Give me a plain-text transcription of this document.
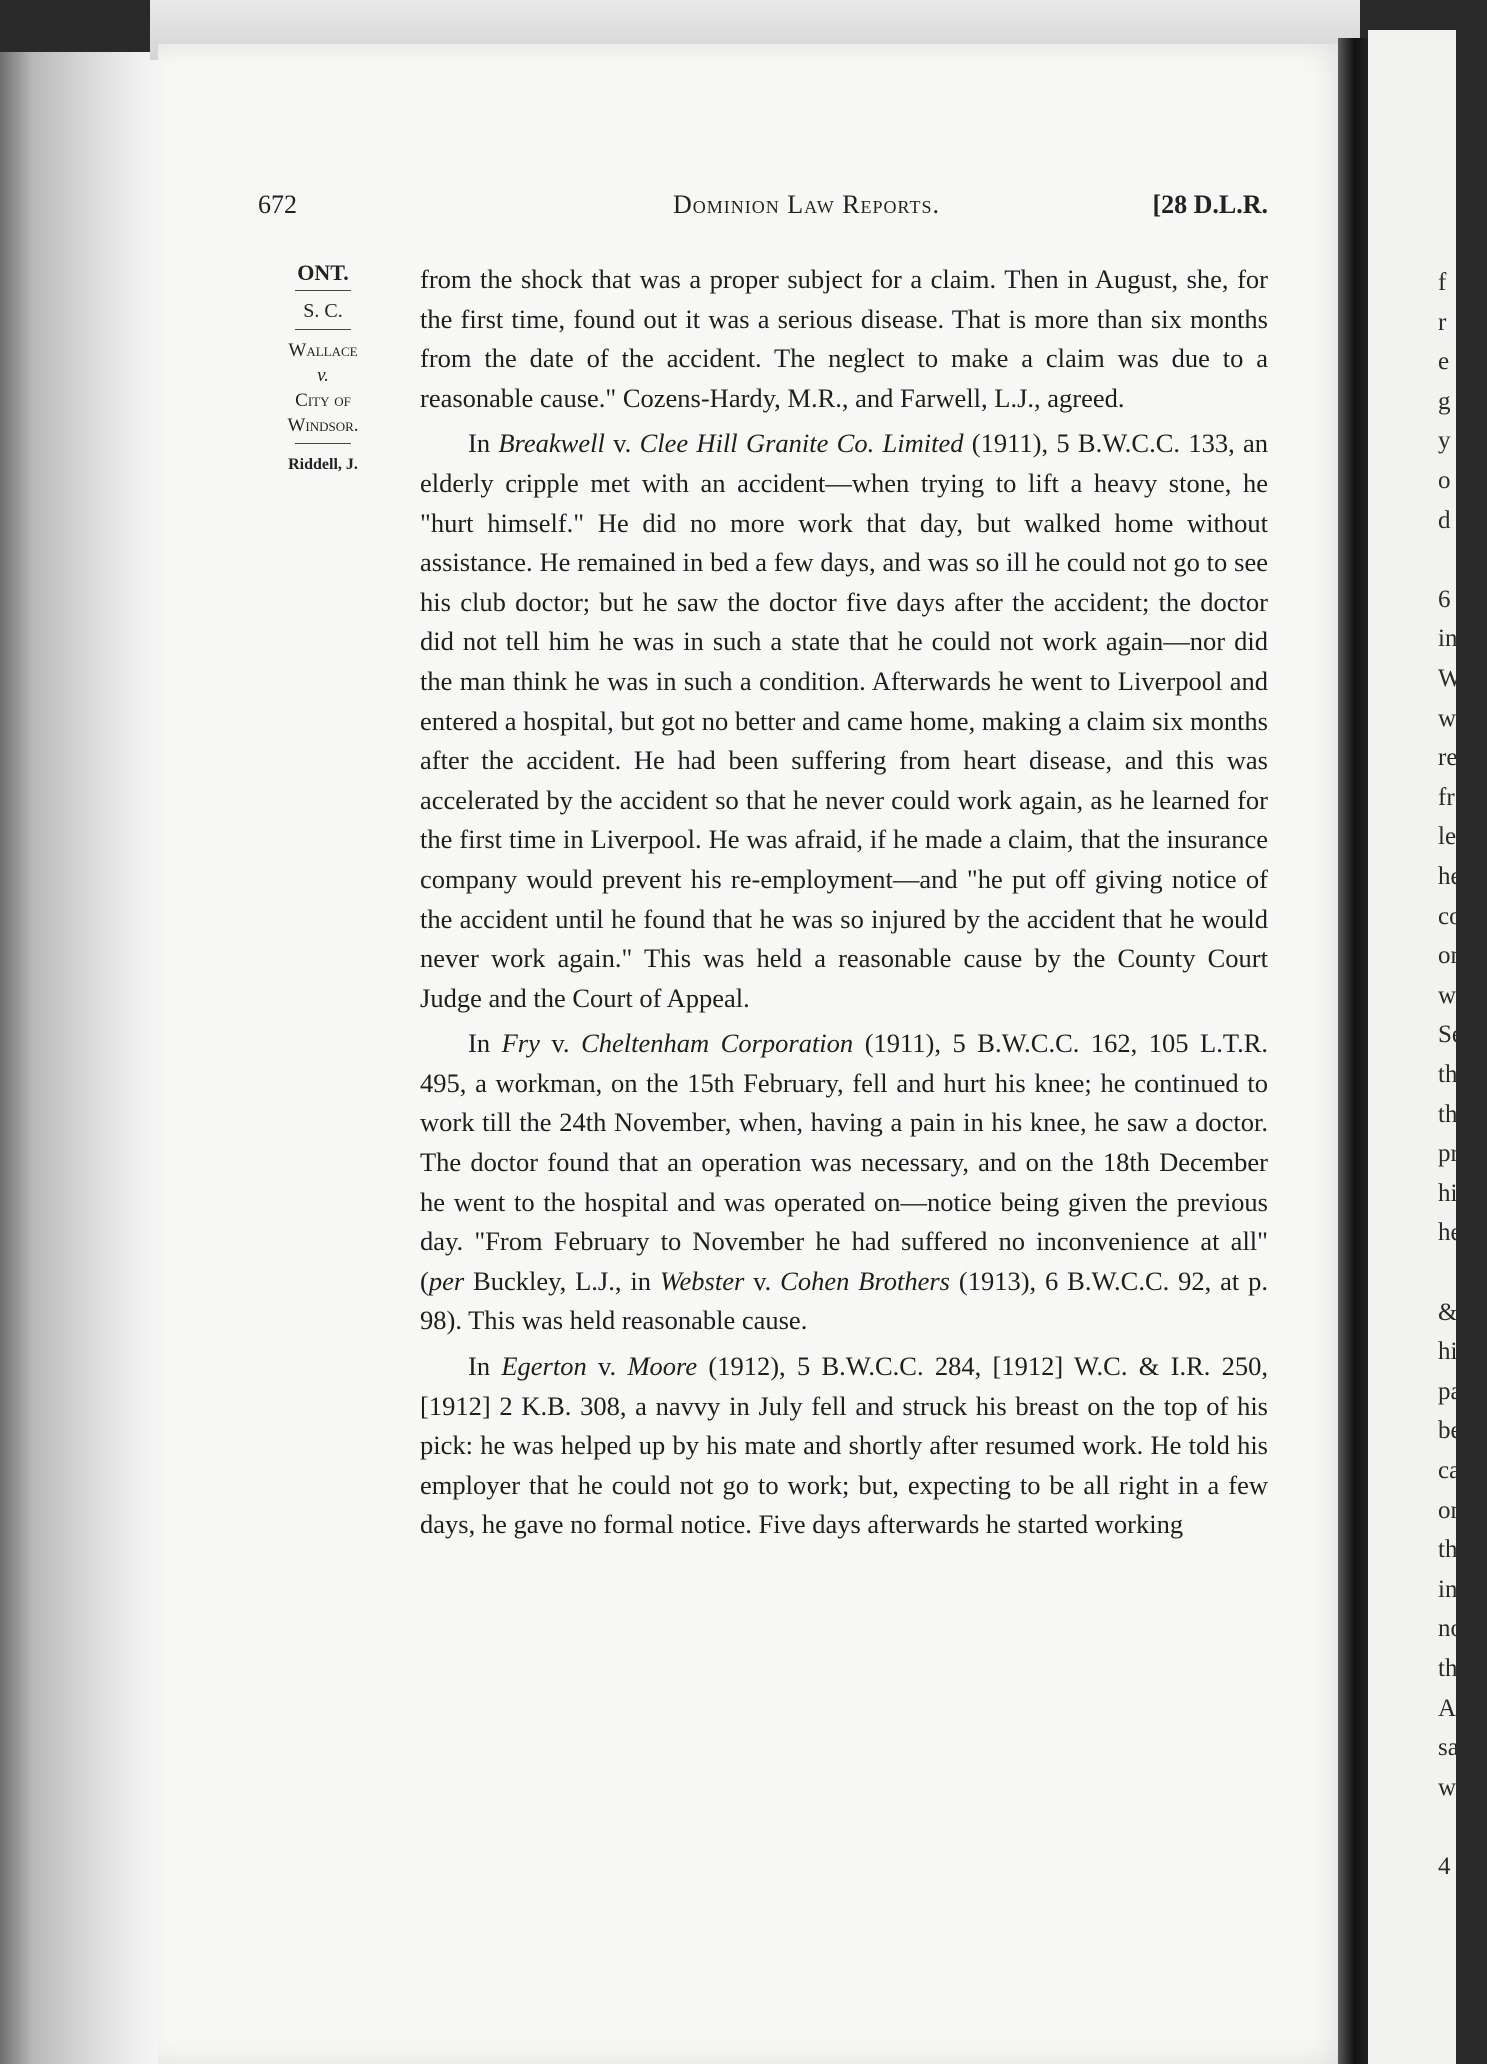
672	Dominion Law Reports.	[28 D.L.R.
ONT.
S. C.
Wallace
v.
City of
Windsor.
Riddell, J.

from the shock that was a proper subject for a claim. Then in August, she, for the first time, found out it was a serious disease. That is more than six months from the date of the accident. The neglect to make a claim was due to a reasonable cause." Cozens-Hardy, M.R., and Farwell, L.J., agreed.

In Breakwell v. Clee Hill Granite Co. Limited (1911), 5 B.W.C.C. 133, an elderly cripple met with an accident—when trying to lift a heavy stone, he "hurt himself." He did no more work that day, but walked home without assistance. He remained in bed a few days, and was so ill he could not go to see his club doctor; but he saw the doctor five days after the accident; the doctor did not tell him he was in such a state that he could not work again—nor did the man think he was in such a condition. Afterwards he went to Liverpool and entered a hospital, but got no better and came home, making a claim six months after the accident. He had been suffering from heart disease, and this was accelerated by the accident so that he never could work again, as he learned for the first time in Liverpool. He was afraid, if he made a claim, that the insurance company would prevent his re-employment—and "he put off giving notice of the accident until he found that he was so injured by the accident that he would never work again." This was held a reasonable cause by the County Court Judge and the Court of Appeal.

In Fry v. Cheltenham Corporation (1911), 5 B.W.C.C. 162, 105 L.T.R. 495, a workman, on the 15th February, fell and hurt his knee; he continued to work till the 24th November, when, having a pain in his knee, he saw a doctor. The doctor found that an operation was necessary, and on the 18th December he went to the hospital and was operated on—notice being given the previous day. "From February to November he had suffered no inconvenience at all" (per Buckley, L.J., in Webster v. Cohen Brothers (1913), 6 B.W.C.C. 92, at p. 98). This was held reasonable cause.

In Egerton v. Moore (1912), 5 B.W.C.C. 284, [1912] W.C. & I.R. 250, [1912] 2 K.B. 308, a navvy in July fell and struck his breast on the top of his pick: he was helped up by his mate and shortly after resumed work. He told his employer that he could not go to work; but, expecting to be all right in a few days, he gave no formal notice. Five days afterwards he started working

f
r
e
g
y
o
d
6
in
W
w
re
fr
le
he
co
on
wa
Se
th
th
pr
his
he
& I
his
pai
bet
cap
on
the
ing,
no
ther
App
says
whic
4
